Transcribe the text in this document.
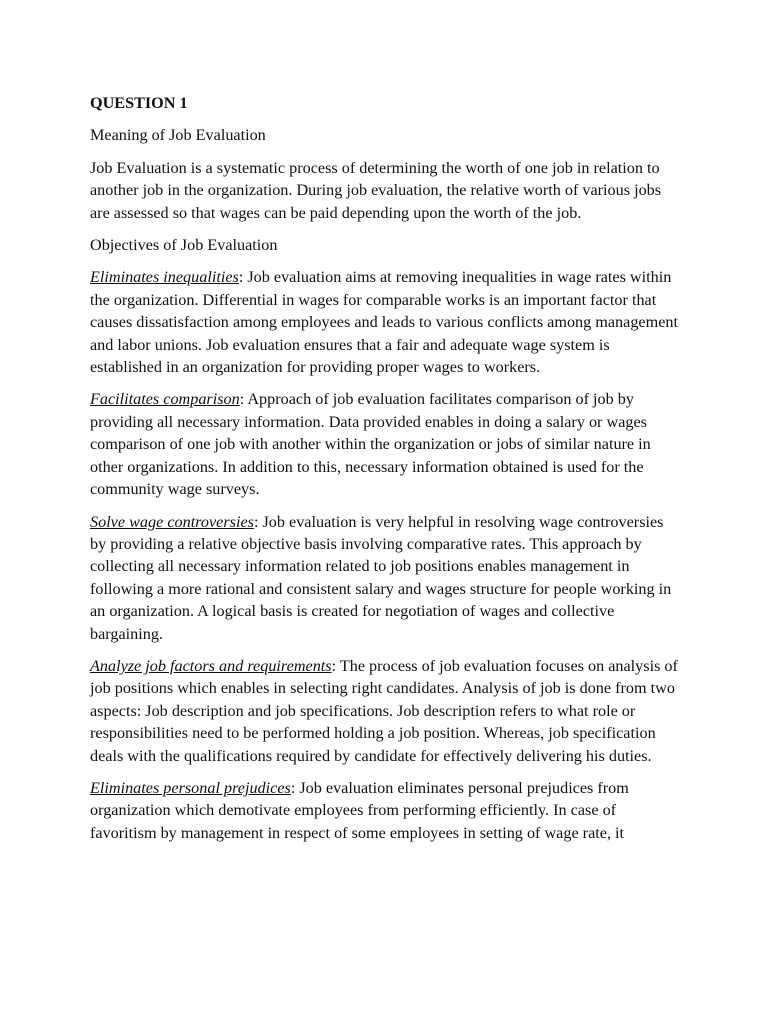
QUESTION 1

Meaning of Job Evaluation

Job Evaluation is a systematic process of determining the worth of one job in relation to another job in the organization. During job evaluation, the relative worth of various jobs are assessed so that wages can be paid depending upon the worth of the job.

Objectives of Job Evaluation

Eliminates inequalities: Job evaluation aims at removing inequalities in wage rates within the organization. Differential in wages for comparable works is an important factor that causes dissatisfaction among employees and leads to various conflicts among management and labor unions. Job evaluation ensures that a fair and adequate wage system is established in an organization for providing proper wages to workers.

Facilitates comparison: Approach of job evaluation facilitates comparison of job by providing all necessary information. Data provided enables in doing a salary or wages comparison of one job with another within the organization or jobs of similar nature in other organizations. In addition to this, necessary information obtained is used for the community wage surveys.

Solve wage controversies: Job evaluation is very helpful in resolving wage controversies by providing a relative objective basis involving comparative rates. This approach by collecting all necessary information related to job positions enables management in following a more rational and consistent salary and wages structure for people working in an organization. A logical basis is created for negotiation of wages and collective bargaining.

Analyze job factors and requirements: The process of job evaluation focuses on analysis of job positions which enables in selecting right candidates. Analysis of job is done from two aspects: Job description and job specifications. Job description refers to what role or responsibilities need to be performed holding a job position. Whereas, job specification deals with the qualifications required by candidate for effectively delivering his duties.

Eliminates personal prejudices: Job evaluation eliminates personal prejudices from organization which demotivate employees from performing efficiently. In case of favoritism by management in respect of some employees in setting of wage rate, it
